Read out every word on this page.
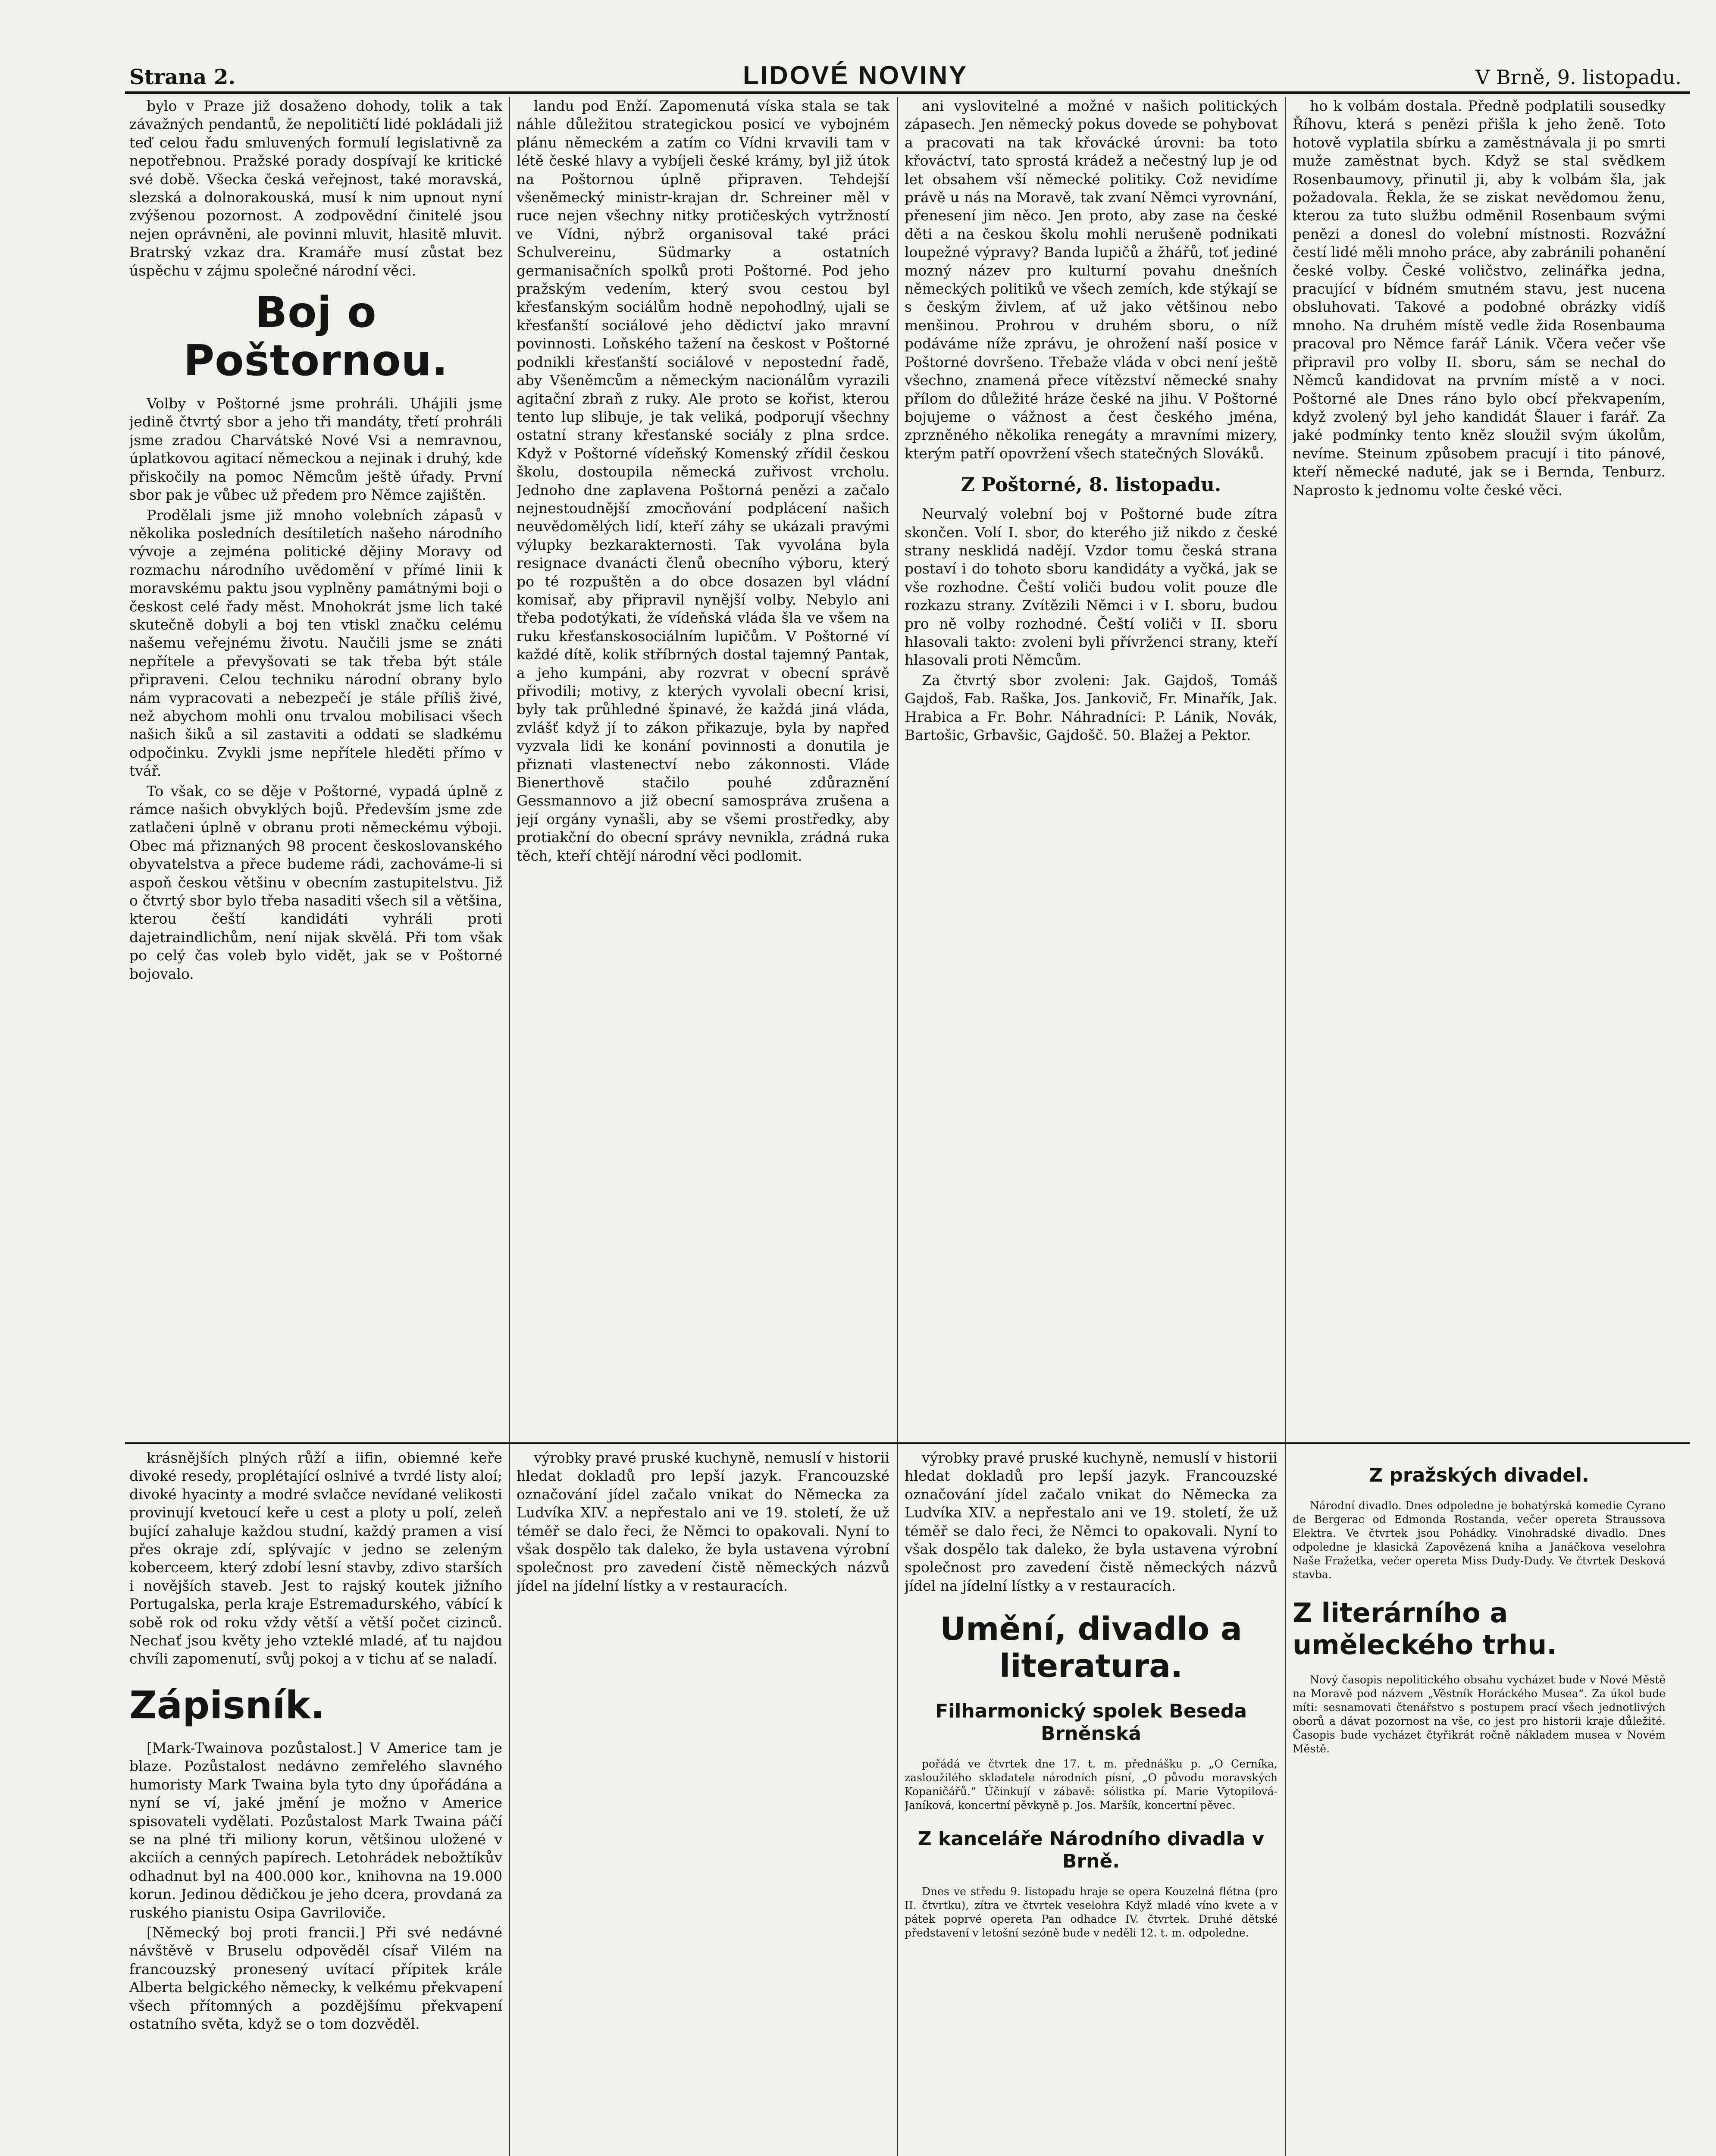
Strana 2.	LIDOVÉ NOVINY	V Brně, 9. listopadu.

bylo v Praze již dosaženo dohody, tolik a tak závažných pendantů, že nepolitičtí lidé pokládali již teď celou řadu smluvených formulí legislativně za nepotřebnou. Pražské porady dospívají ke kritické své době. Všecka česká veřejnost, také moravská, slezská a dolnorakouská, musí k nim upnout nyní zvýšenou pozornost. A zodpovědní činitelé jsou nejen oprávněni, ale povinni mluvit, hlasitě mluvit. Bratrský vzkaz dra. Kramáře musí zůstat bez úspěchu v zájmu společné národní věci.

Boj o Poštornou.

Volby v Poštorné jsme prohráli. Uhájili jsme jedině čtvrtý sbor a jeho tři mandáty, třetí prohráli jsme zradou Charvátské Nové Vsi a nemravnou, úplatkovou agitací německou a nejinak i druhý, kde přiskočily na pomoc Němcům ještě úřady. První sbor pak je vůbec už předem pro Němce zajištěn.

Prodělali jsme již mnoho volebních zápasů v několika posledních desítiletích našeho národního vývoje a zejména politické dějiny Moravy od rozmachu národního uvědomění v přímé linii k moravskému paktu jsou vyplněny památnými boji o českost celé řady měst. Mnohokrát jsme lich také skutečně dobyli a boj ten vtiskl značku celému našemu veřejnému životu. Naučili jsme se znáti nepřítele a převyšovati se tak třeba být stále připraveni. Celou techniku národní obrany bylo nám vypracovati a nebezpečí je stále příliš živé, než abychom mohli onu trvalou mobilisaci všech našich šiků a sil zastaviti a oddati se sladkému odpočinku. Zvykli jsme nepřítele hleděti přímo v tvář.

To však, co se děje v Poštorné, vypadá úplně z rámce našich obvyklých bojů. Především jsme zde zatlačeni úplně v obranu proti německému výboji. Obec má přiznaných 98 procent českoslovanského obyvatelstva a přece budeme rádi, zachováme-li si aspoň českou většinu v obecním zastupitelstvu. Již o čtvrtý sbor bylo třeba nasaditi všech sil a většina, kterou čeští kandidáti vyhráli proti dajetraindlichům, není nijak skvělá. Při tom však po celý čas voleb bylo vidět, jak se v Poštorné bojovalo.

landu pod Enží. Zapomenutá víska stala se tak náhle důležitou strategickou posicí ve vybojném plánu německém a zatím co Vídni krvavili tam v létě české hlavy a vybíjeli české krámy, byl již útok na Poštornou úplně připraven. Tehdejší všeněmecký ministr-krajan dr. Schreiner měl v ruce nejen všechny nitky protičeských vytržností ve Vídni, nýbrž organisoval také práci Schulvereinu, Südmarky a ostatních germanisačních spolků proti Poštorné. Pod jeho pražským vedením, který svou cestou byl křesťanským sociálům hodně nepohodlný, ujali se křesťanští sociálové jeho dědictví jako mravní povinnosti. Loňského tažení na českost v Poštorné podnikli křesťanští sociálové v nepostední řadě, aby Všeněmcům a německým nacionálům vyrazili agitační zbraň z ruky. Ale proto se kořist, kterou tento lup slibuje, je tak veliká, podporují všechny ostatní strany křesťanské sociály z plna srdce. Když v Poštorné vídeňský Komenský zřídil českou školu, dostoupila německá zuřivost vrcholu. Jednoho dne zaplavena Poštorná penězi a začalo nejnestoudnější zmocňování podplácení našich neuvědomělých lidí, kteří záhy se ukázali pravými výlupky bezkarakternosti. Tak vyvolána byla resignace dvanácti členů obecního výboru, který po té rozpuštěn a do obce dosazen byl vládní komisař, aby připravil nynější volby. Nebylo ani třeba podotýkati, že vídeňská vláda šla ve všem na ruku křesťanskosociálním lupičům. V Poštorné ví každé dítě, kolik stříbrných dostal tajemný Pantak, a jeho kumpáni, aby rozvrat v obecní správě přivodili; motivy, z kterých vyvolali obecní krisi, byly tak průhledné špinavé, že každá jiná vláda, zvlášť když jí to zákon přikazuje, byla by napřed vyzvala lidi ke konání povinnosti a donutila je přiznati vlastenectví nebo zákonnosti. Vláde Bienerthově stačilo pouhé zdůraznění Gessmannovo a již obecní samospráva zrušena a její orgány vynašli, aby se všemi prostředky, aby protiakční do obecní správy nevnikla, zrádná ruka těch, kteří chtějí národní věci podlomit.

ani vyslovitelné a možné v našich politických zápasech. Jen německý pokus dovede se pohybovat a pracovati na tak křovácké úrovni: ba toto křováctví, tato sprostá krádež a nečestný lup je od let obsahem vší německé politiky. Což nevidíme právě u nás na Moravě, tak zvaní Němci vyrovnání, přenesení jim něco. Jen proto, aby zase na české děti a na českou školu mohli nerušeně podnikati loupežné výpravy? Banda lupičů a žhářů, toť jediné mozný název pro kulturní povahu dnešních německých politiků ve všech zemích, kde stýkají se s českým živlem, ať už jako většinou nebo menšinou. Prohrou v druhém sboru, o níž podáváme níže zprávu, je ohrožení naší posice v Poštorné dovršeno. Třebaže vláda v obci není ještě všechno, znamená přece vítězství německé snahy přílom do důležité hráze české na jihu. V Poštorné bojujeme o vážnost a čest českého jména, zprzněného několika renegáty a mravními mizery, kterým patří opovržení všech statečných Slováků.

Z Poštorné, 8. listopadu.

Neurvalý volební boj v Poštorné bude zítra skončen. Volí I. sbor, do kterého již nikdo z české strany nesklidá nadějí. Vzdor tomu česká strana postaví i do tohoto sboru kandidáty a vyčká, jak se vše rozhodne. Čeští voliči budou volit pouze dle rozkazu strany. Zvítězili Němci i v I. sboru, budou pro ně volby rozhodné. Čeští voliči v II. sboru hlasovali takto: zvoleni byli přívrženci strany, kteří hlasovali proti Němcům.

Za čtvrtý sbor zvoleni: Jak. Gajdoš, Tomáš Gajdoš, Fab. Raška, Jos. Jankovič, Fr. Minařík, Jak. Hrabica a Fr. Bohr. Náhradníci: P. Lánik, Novák, Bartošic, Grbavšic, Gajdošč. 50. Blažej a Pektor.

ho k volbám dostala. Předně podplatili sousedky Říhovu, která s penězi přišla k jeho ženě. Toto hotově vyplatila sbírku a zaměstnávala ji po smrti muže zaměstnat bych. Když se stal svědkem Rosenbaumovy, přinutil ji, aby k volbám šla, jak požadovala. Řekla, že se ziskat nevědomou ženu, kterou za tuto službu odměnil Rosenbaum svými penězi a donesl do volební místnosti. Rozvážní čestí lidé měli mnoho práce, aby zabránili pohanění české volby. České voličstvo, zelinářka jedna, pracující v bídném smutném stavu, jest nucena obsluhovati. Takové a podobné obrázky vidíš mnoho. Na druhém místě vedle žida Rosenbauma pracoval pro Němce farář Lánik. Včera večer vše připravil pro volby II. sboru, sám se nechal do Němců kandidovat na prvním místě a v noci. Poštorné ale Dnes ráno bylo obcí překvapením, když zvolený byl jeho kandidát Šlauer i farář. Za jaké podmínky tento kněz sloužil svým úkolům, nevíme. Steinum způsobem pracují i tito pánové, kteří německé naduté, jak se i Bernda, Tenburz. Naprosto k jednomu volte české věci.

krásnějších plných růží a iifin, obiemné keře divoké resedy, proplétající oslnivé a tvrdé listy aloí; divoké hyacinty a modré svlačce nevídané velikosti provinují kvetoucí keře u cest a ploty u polí, zeleň bující zahaluje každou studní, každý pramen a visí přes okraje zdí, splývajíc v jedno se zeleným koberceem, který zdobí lesní stavby, zdivo starších i novějších staveb. Jest to rajský koutek jižního Portugalska, perla kraje Estremadurského, vábící k sobě rok od roku vždy větší a větší počet cizinců. Nechať jsou květy jeho vzteklé mladé, ať tu najdou chvíli zapomenutí, svůj pokoj a v tichu ať se naladí.

Zápisník.

[Mark-Twainova pozůstalost.] V Americe tam je blaze. Pozůstalost nedávno zemřelého slavného humoristy Mark Twaina byla tyto dny úpořádána a nyní se ví, jaké jmění je možno v Americe spisovateli vydělati. Pozůstalost Mark Twaina páčí se na plné tři miliony korun, většinou uložené v akciích a cenných papírech. Letohrádek nebožtíkův odhadnut byl na 400.000 kor., knihovna na 19.000 korun. Jedinou dědičkou je jeho dcera, provdaná za ruského pianistu Osipa Gavriloviče.

[Německý boj proti francii.] Při své nedávné návštěvě v Bruselu odpověděl císař Vilém na francouzský pronesený uvítací přípitek krále Alberta belgického německy, k velkému překvapení všech přítomných a pozdějšímu překvapení ostatního světa, když se o tom dozvěděl.

výrobky pravé pruské kuchyně, nemuslí v historii hledat dokladů pro lepší jazyk. Francouzské označování jídel začalo vnikat do Německa za Ludvíka XIV. a nepřestalo ani ve 19. století, že už téměř se dalo řeci, že Němci to opakovali. Nyní to však dospělo tak daleko, že byla ustavena výrobní společnost pro zavedení čistě německých názvů jídel na jídelní lístky a v restauracích.

výrobky pravé pruské kuchyně, nemuslí v historii hledat dokladů pro lepší jazyk. Francouzské označování jídel začalo vnikat do Německa za Ludvíka XIV. a nepřestalo ani ve 19. století, že už téměř se dalo řeci, že Němci to opakovali. Nyní to však dospělo tak daleko, že byla ustavena výrobní společnost pro zavedení čistě německých názvů jídel na jídelní lístky a v restauracích.

Umění, divadlo a literatura.
Filharmonický spolek Beseda Brněnská

pořádá ve čtvrtek dne 17. t. m. přednášku p. „O Cerníka, zasloužilého skladatele národních písní, „O původu moravských Kopaničářů.“ Účinkují v zábavě: sólistka pí. Marie Vytopilová-Janíková, koncertní pěvkyně p. Jos. Maršík, koncertní pěvec.

Z kanceláře Národního divadla v Brně.

Dnes ve středu 9. listopadu hraje se opera Kouzelná flétna (pro II. čtvrtku), zítra ve čtvrtek veselohra Když mladé víno kvete a v pátek poprvé opereta Pan odhadce IV. čtvrtek. Druhé dětské představení v letošní sezóně bude v neděli 12. t. m. odpoledne.

Z pražských divadel.

Národní divadlo. Dnes odpoledne je bohatýrská komedie Cyrano de Bergerac od Edmonda Rostanda, večer opereta Straussova Elektra. Ve čtvrtek jsou Pohádky. Vinohradské divadlo. Dnes odpoledne je klasická Zapovězená kniha a Janáčkova veselohra Naše Fražetka, večer opereta Miss Dudy-Dudy. Ve čtvrtek Desková stavba.

Z literárního a uměleckého trhu.

Nový časopis nepolitického obsahu vycházet bude v Nové Městě na Moravě pod názvem „Věstník Horáckého Musea“. Za úkol bude míti: sesnamovati čtenářstvo s postupem prací všech jednotlivých oborů a dávat pozornost na vše, co jest pro historii kraje důležité. Časopis bude vycházet čtyřikrát ročně nákladem musea v Novém Městě.
